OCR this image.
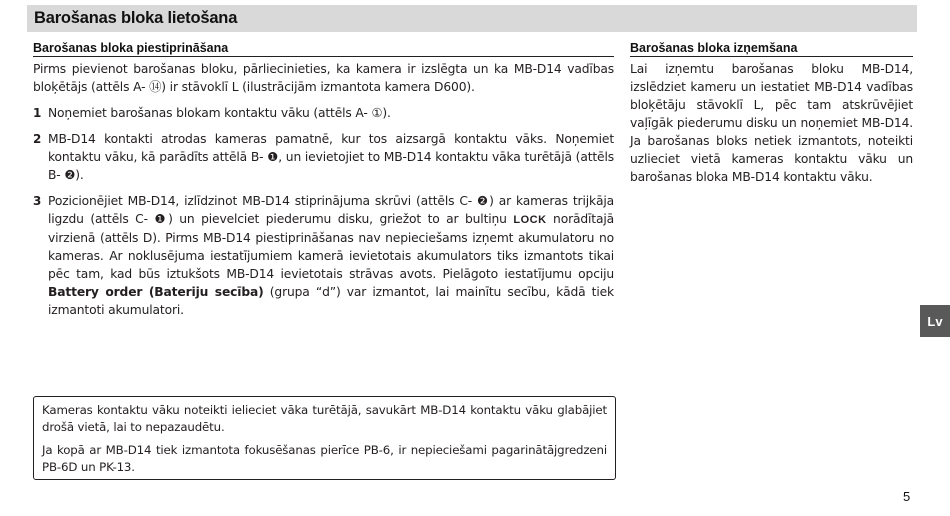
Barošanas bloka lietošana
Barošanas bloka piestiprināšana

Pirms pievienot barošanas bloku, pārliecinieties, ka kamera ir izslēgta un ka MB-D14 vadības bloķētājs (attēls A- ⑭) ir stāvoklī L (ilustrācijām izmantota kamera D600).

1 Noņemiet barošanas blokam kontaktu vāku (attēls A- ①).
2 MB-D14 kontakti atrodas kameras pamatnē, kur tos aizsargā kontaktu vāks. Noņemiet kontaktu vāku, kā parādīts attēlā B- ❶, un ievietojiet to MB-D14 kontaktu vāka turētājā (attēls B- ❷).
3 Pozicionējiet MB-D14, izlīdzinot MB-D14 stiprinājuma skrūvi (attēls C- ❷) ar kameras trijkāja ligzdu (attēls C- ❶) un pievelciet piederumu disku, griežot to ar bultiņu LOCK norādītajā virzienā (attēls D). Pirms MB-D14 piestiprināšanas nav nepieciešams izņemt akumulatoru no kameras. Ar noklusējuma iestatījumiem kamerā ievietotais akumulators tiks izmantots tikai pēc tam, kad būs iztukšots MB-D14 ievietotais strāvas avots. Pielāgoto iestatījumu opciju Battery order (Bateriju secība) (grupa “d”) var izmantot, lai mainītu secību, kādā tiek izmantoti akumulatori.
Barošanas bloka izņemšana

Lai izņemtu barošanas bloku MB-D14, izslēdziet kameru un iestatiet MB-D14 vadības bloķētāju stāvoklī L, pēc tam atskrūvējiet vaļīgāk piederumu disku un noņemiet MB-D14. Ja barošanas bloks netiek izmantots, noteikti uzlieciet vietā kameras kontaktu vāku un barošanas bloka MB-D14 kontaktu vāku.

Kameras kontaktu vāku noteikti ielieciet vāka turētājā, savukārt MB-D14 kontaktu vāku glabājiet drošā vietā, lai to nepazaudētu.

Ja kopā ar MB-D14 tiek izmantota fokusēšanas pierīce PB-6, ir nepieciešami pagarinātājgredzeni PB-6D un PK-13.

Lv
5
